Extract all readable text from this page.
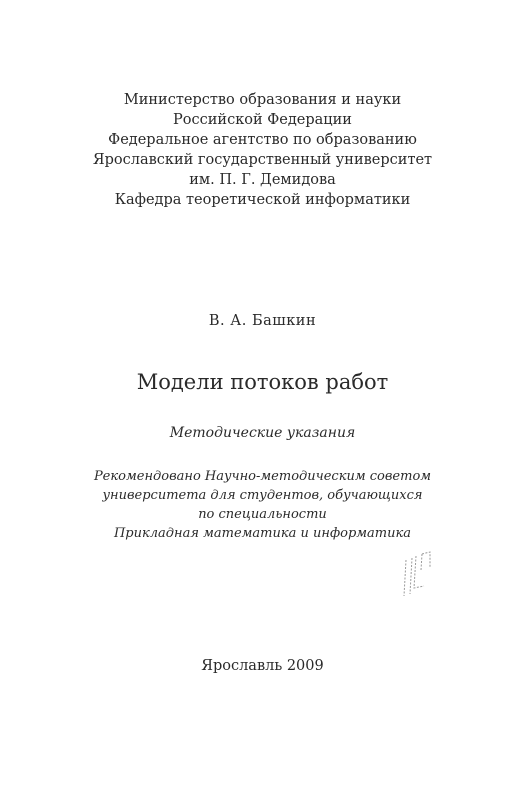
Министерство образования и науки
Российской Федерации
Федеральное агентство по образованию
Ярославский государственный университет
им. П. Г. Демидова
Кафедра теоретической информатики
В. А. Башкин
Модели потоков работ
Методические указания
Рекомендовано Научно-методическим советом
университета для студентов, обучающихся
по специальности
Прикладная математика и информатика
Ярославль 2009
